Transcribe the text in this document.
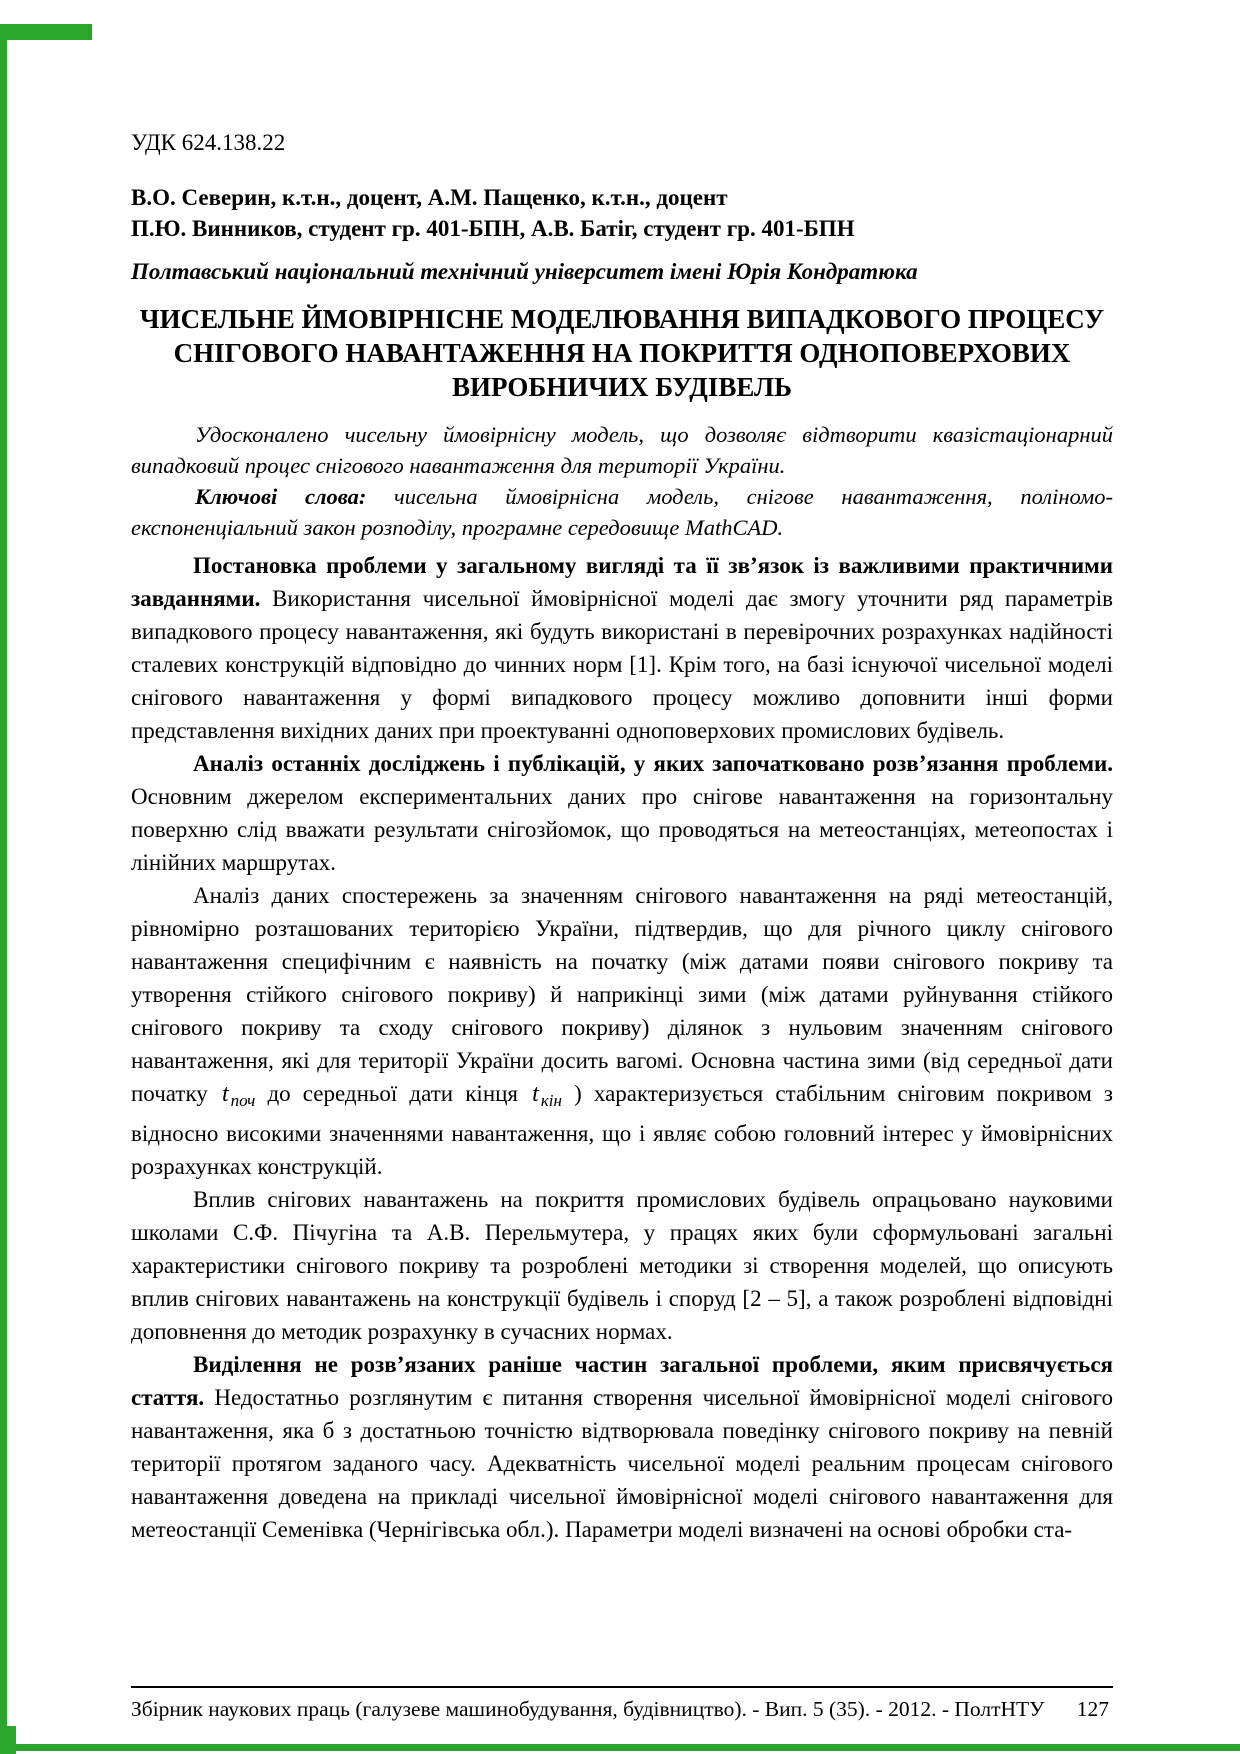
УДК 624.138.22

В.О. Северин, к.т.н., доцент, А.М. Пащенко, к.т.н., доцент

П.Ю. Винников, студент гр. 401-БПН, А.В. Батіг, студент гр. 401-БПН

Полтавський національний технічний університет імені Юрія Кондратюка

ЧИСЕЛЬНЕ ЙМОВІРНІСНЕ МОДЕЛЮВАННЯ ВИПАДКОВОГО ПРОЦЕСУ СНІГОВОГО НАВАНТАЖЕННЯ НА ПОКРИТТЯ ОДНОПОВЕРХОВИХ ВИРОБНИЧИХ БУДІВЕЛЬ

Удосконалено чисельну ймовірнісну модель, що дозволяє відтворити квазістаціонарний випадковий процес снігового навантаження для території України.

Ключові слова: чисельна ймовірнісна модель, снігове навантаження, поліномо-експоненціальний закон розподілу, програмне середовище MathCAD.

Постановка проблеми у загальному вигляді та її зв’язок із важливими практичними завданнями. Використання чисельної ймовірнісної моделі дає змогу уточнити ряд параметрів випадкового процесу навантаження, які будуть використані в перевірочних розрахунках надійності сталевих конструкцій відповідно до чинних норм [1]. Крім того, на базі існуючої чисельної моделі снігового навантаження у формі випадкового процесу можливо доповнити інші форми представлення вихідних даних при проектуванні одноповерхових промислових будівель.

Аналіз останніх досліджень і публікацій, у яких започатковано розв’язання проблеми. Основним джерелом експериментальних даних про снігове навантаження на горизонтальну поверхню слід вважати результати снігозйомок, що проводяться на метеостанціях, метеопостах і лінійних маршрутах.

Аналіз даних спостережень за значенням снігового навантаження на ряді метеостанцій, рівномірно розташованих територією України, підтвердив, що для річного циклу снігового навантаження специфічним є наявність на початку (між датами появи снігового покриву та утворення стійкого снігового покриву) й наприкінці зими (між датами руйнування стійкого снігового покриву та сходу снігового покриву) ділянок з нульовим значенням снігового навантаження, які для території України досить вагомі. Основна частина зими (від середньої дати початку t $_{поч}$ до середньої дати кінця t $_{кін}$ ) характеризується стабільним сніговим покривом з відносно високими значеннями навантаження, що і являє собою головний інтерес у ймовірнісних розрахунках конструкцій.

Вплив снігових навантажень на покриття промислових будівель опрацьовано науковими школами С.Ф. Пічугіна та А.В. Перельмутера, у працях яких були сформульовані загальні характеристики снігового покриву та розроблені методики зі створення моделей, що описують вплив снігових навантажень на конструкції будівель і споруд [2 – 5], а також розроблені відповідні доповнення до методик розрахунку в сучасних нормах.

Виділення не розв’язаних раніше частин загальної проблеми, яким присвячується стаття. Недостатньо розглянутим є питання створення чисельної ймовірнісної моделі снігового навантаження, яка б з достатньою точністю відтворювала поведінку снігового покриву на певній території протягом заданого часу. Адекватність чисельної моделі реальним процесам снігового навантаження доведена на прикладі чисельної ймовірнісної моделі снігового навантаження для метеостанції Семенівка (Чернігівська обл.). Параметри моделі визначені на основі обробки ста-

Збірник наукових праць (галузеве машинобудування, будівництво). - Вип. 5 (35). - 2012. - ПолтНТУ 127
